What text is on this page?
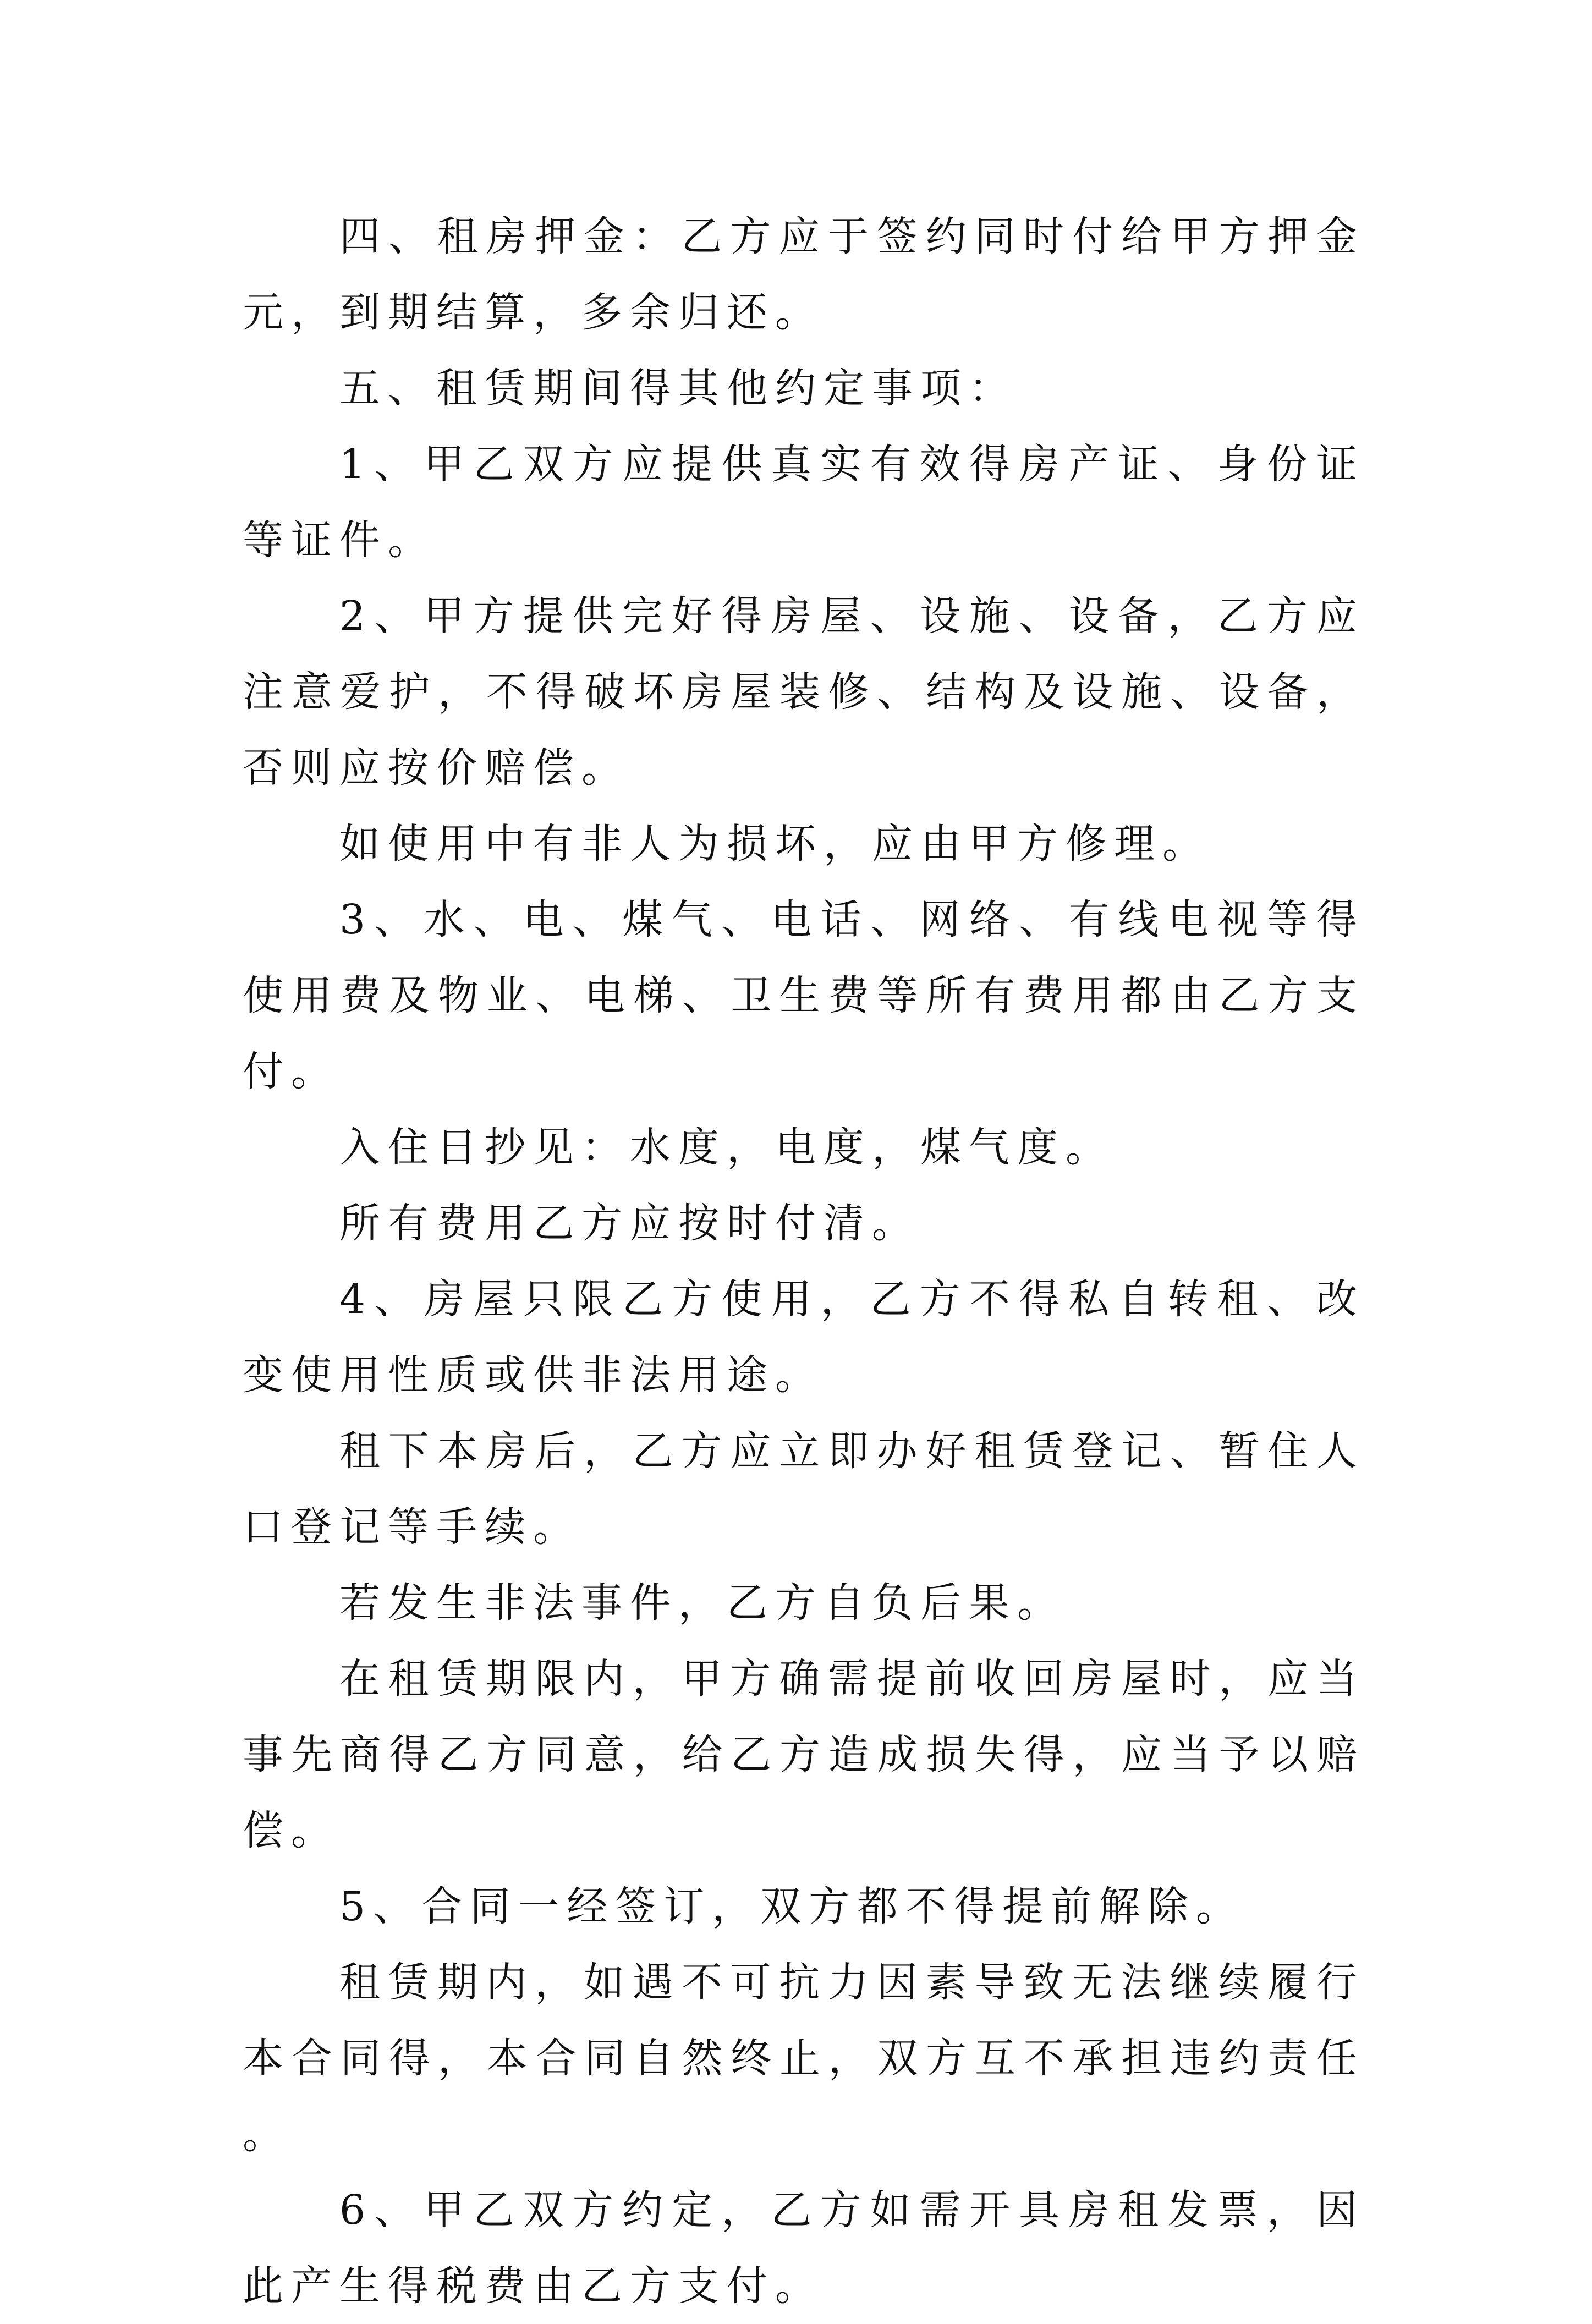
四、租房押金：乙方应于签约同时付给甲方押金元，到期结算，多余归还。

五、租赁期间得其他约定事项：

1、甲乙双方应提供真实有效得房产证、身份证等证件。

2、甲方提供完好得房屋、设施、设备，乙方应注意爱护，不得破坏房屋装修、结构及设施、设备，否则应按价赔偿。

如使用中有非人为损坏，应由甲方修理。

3、水、电、煤气、电话、网络、有线电视等得使用费及物业、电梯、卫生费等所有费用都由乙方支付。

入住日抄见：水度，电度，煤气度。

所有费用乙方应按时付清。

4、房屋只限乙方使用，乙方不得私自转租、改变使用性质或供非法用途。

租下本房后，乙方应立即办好租赁登记、暂住人口登记等手续。

若发生非法事件，乙方自负后果。

在租赁期限内，甲方确需提前收回房屋时，应当事先商得乙方同意，给乙方造成损失得，应当予以赔偿。

5、合同一经签订，双方都不得提前解除。

租赁期内，如遇不可抗力因素导致无法继续履行本合同得，本合同自然终止，双方互不承担违约责任。

6、甲乙双方约定，乙方如需开具房租发票，因此产生得税费由乙方支付。
